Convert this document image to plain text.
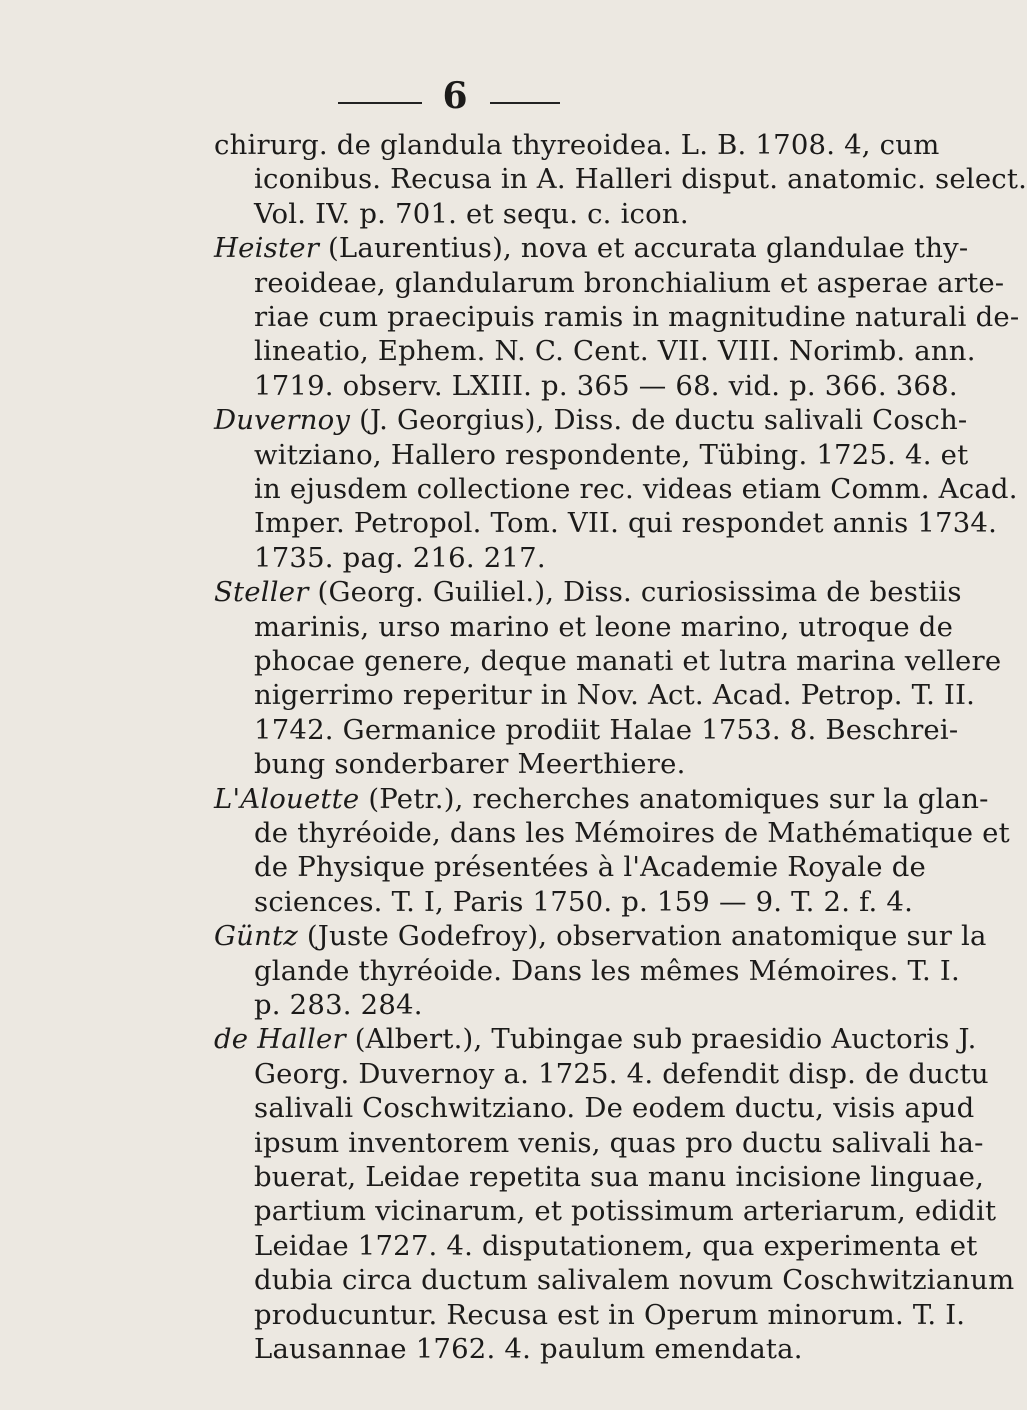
6
chirurg. de glandula thyreoidea. L. B. 1708. 4, cum
iconibus. Recusa in A. Halleri disput. anatomic. select.
Vol. IV. p. 701. et sequ. c. icon.
Heister (Laurentius), nova et accurata glandulae thy-
reoideae, glandularum bronchialium et asperae arte-
riae cum praecipuis ramis in magnitudine naturali de-
lineatio, Ephem. N. C. Cent. VII. VIII. Norimb. ann.
1719. observ. LXIII. p. 365 — 68. vid. p. 366. 368.
Duvernoy (J. Georgius), Diss. de ductu salivali Cosch-
witziano, Hallero respondente, Tübing. 1725. 4. et
in ejusdem collectione rec. videas etiam Comm. Acad.
Imper. Petropol. Tom. VII. qui respondet annis 1734.
1735. pag. 216. 217.
Steller (Georg. Guiliel.), Diss. curiosissima de bestiis
marinis, urso marino et leone marino, utroque de
phocae genere, deque manati et lutra marina vellere
nigerrimo reperitur in Nov. Act. Acad. Petrop. T. II.
1742. Germanice prodiit Halae 1753. 8. Beschrei-
bung sonderbarer Meerthiere.
L'Alouette (Petr.), recherches anatomiques sur la glan-
de thyréoide, dans les Mémoires de Mathématique et
de Physique présentées à l'Academie Royale de
sciences. T. I, Paris 1750. p. 159 — 9. T. 2. f. 4.
Güntz (Juste Godefroy), observation anatomique sur la
glande thyréoide. Dans les mêmes Mémoires. T. I.
p. 283. 284.
de Haller (Albert.), Tubingae sub praesidio Auctoris J.
Georg. Duvernoy a. 1725. 4. defendit disp. de ductu
salivali Coschwitziano. De eodem ductu, visis apud
ipsum inventorem venis, quas pro ductu salivali ha-
buerat, Leidae repetita sua manu incisione linguae,
partium vicinarum, et potissimum arteriarum, edidit
Leidae 1727. 4. disputationem, qua experimenta et
dubia circa ductum salivalem novum Coschwitzianum
producuntur. Recusa est in Operum minorum. T. I.
Lausannae 1762. 4. paulum emendata.
